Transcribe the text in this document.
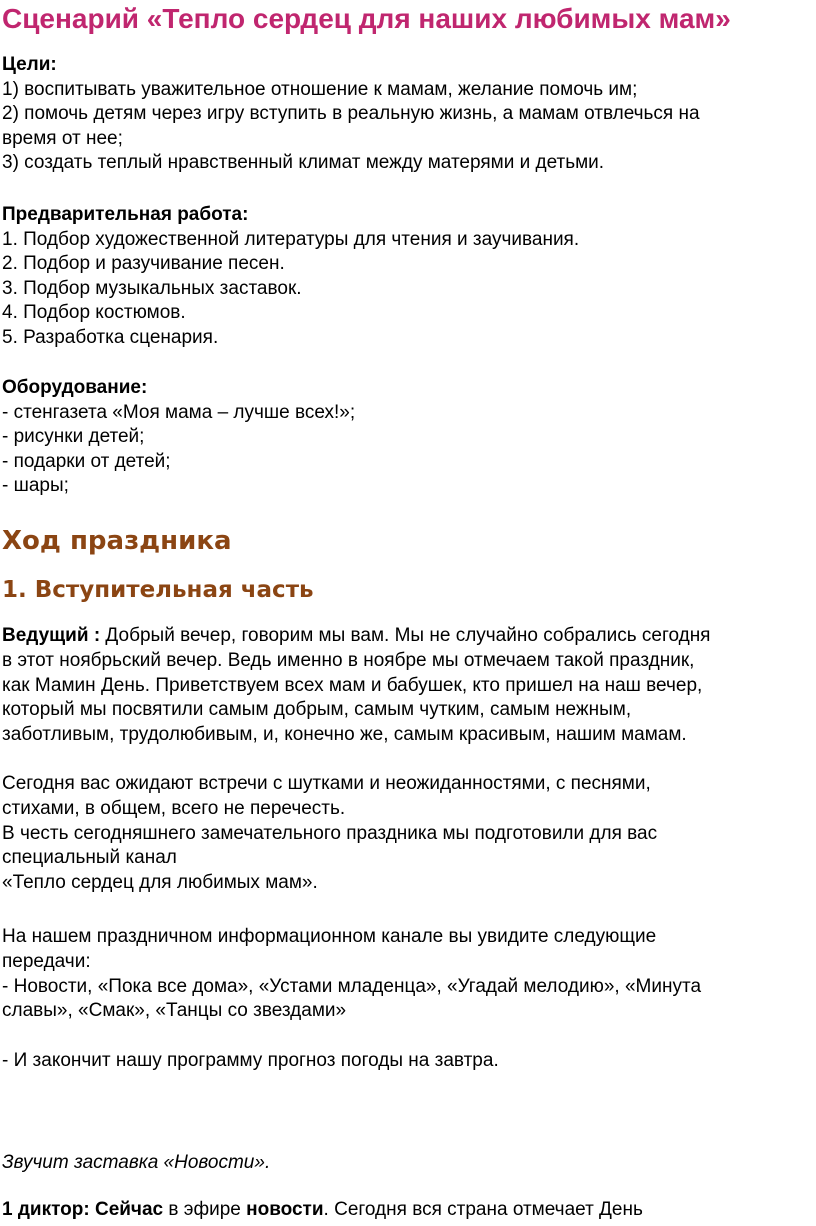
Сценарий «Тепло сердец для наших любимых мам»
Цели:
1) воспитывать уважительное отношение к мамам, желание помочь им;
2) помочь детям через игру вступить в реальную жизнь, а мамам отвлечься на
время от нее;
3) создать теплый нравственный климат между матерями и детьми.
Предварительная работа:
1. Подбор художественной литературы для чтения и заучивания.
2. Подбор и разучивание песен.
3. Подбор музыкальных заставок.
4. Подбор костюмов.
5. Разработка сценария.
Оборудование:
- стенгазета «Моя мама – лучше всех!»;
- рисунки детей;
- подарки от детей;
- шары;
Ход праздника
1. Вступительная часть
Ведущий : Добрый вечер, говорим мы вам. Мы не случайно собрались сегодня
в этот ноябрьский вечер. Ведь именно в ноябре мы отмечаем такой праздник,
как Мамин День. Приветствуем всех мам и бабушек, кто пришел на наш вечер,
который мы посвятили самым добрым, самым чутким, самым нежным,
заботливым, трудолюбивым, и, конечно же, самым красивым, нашим мамам.
Сегодня вас ожидают встречи с шутками и неожиданностями, с песнями,
стихами, в общем, всего не перечесть.
В честь сегодняшнего замечательного праздника мы подготовили для вас
специальный канал
«Тепло сердец для любимых мам».
На нашем праздничном информационном канале вы увидите следующие
передачи:
- Новости, «Пока все дома», «Устами младенца», «Угадай мелодию», «Минута
славы», «Смак», «Танцы со звездами»
- И закончит нашу программу прогноз погоды на завтра.
Звучит заставка «Новости».
1 диктор: Сейчас в эфире новости. Сегодня вся страна отмечает День
